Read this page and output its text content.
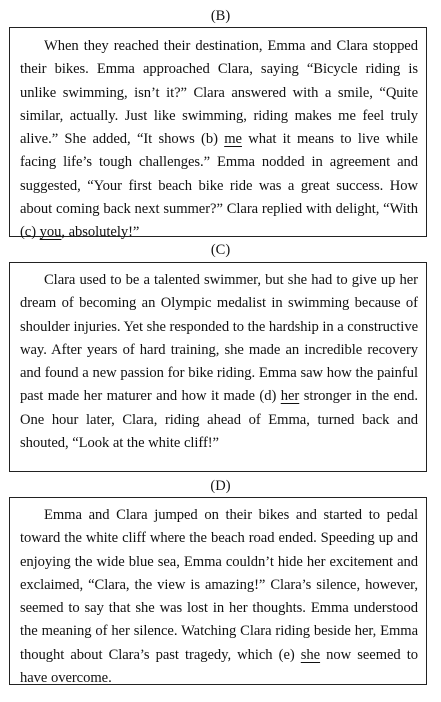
(B)

When they reached their destination, Emma and Clara stopped their bikes. Emma approached Clara, saying “Bicycle riding is unlike swimming, isn’t it?” Clara answered with a smile, “Quite similar, actually. Just like swimming, riding makes me feel truly alive.” She added, “It shows (b) me what it means to live while facing life’s tough challenges.” Emma nodded in agreement and suggested, “Your first beach bike ride was a great success. How about coming back next summer?” Clara replied with delight, “With (c) you, absolutely!”

(C)

Clara used to be a talented swimmer, but she had to give up her dream of becoming an Olympic medalist in swimming because of shoulder injuries. Yet she responded to the hardship in a constructive way. After years of hard training, she made an incredible recovery and found a new passion for bike riding. Emma saw how the painful past made her maturer and how it made (d) her stronger in the end. One hour later, Clara, riding ahead of Emma, turned back and shouted, “Look at the white cliff!”

(D)

Emma and Clara jumped on their bikes and started to pedal toward the white cliff where the beach road ended. Speeding up and enjoying the wide blue sea, Emma couldn’t hide her excitement and exclaimed, “Clara, the view is amazing!” Clara’s silence, however, seemed to say that she was lost in her thoughts. Emma understood the meaning of her silence. Watching Clara riding beside her, Emma thought about Clara’s past tragedy, which (e) she now seemed to have overcome.
